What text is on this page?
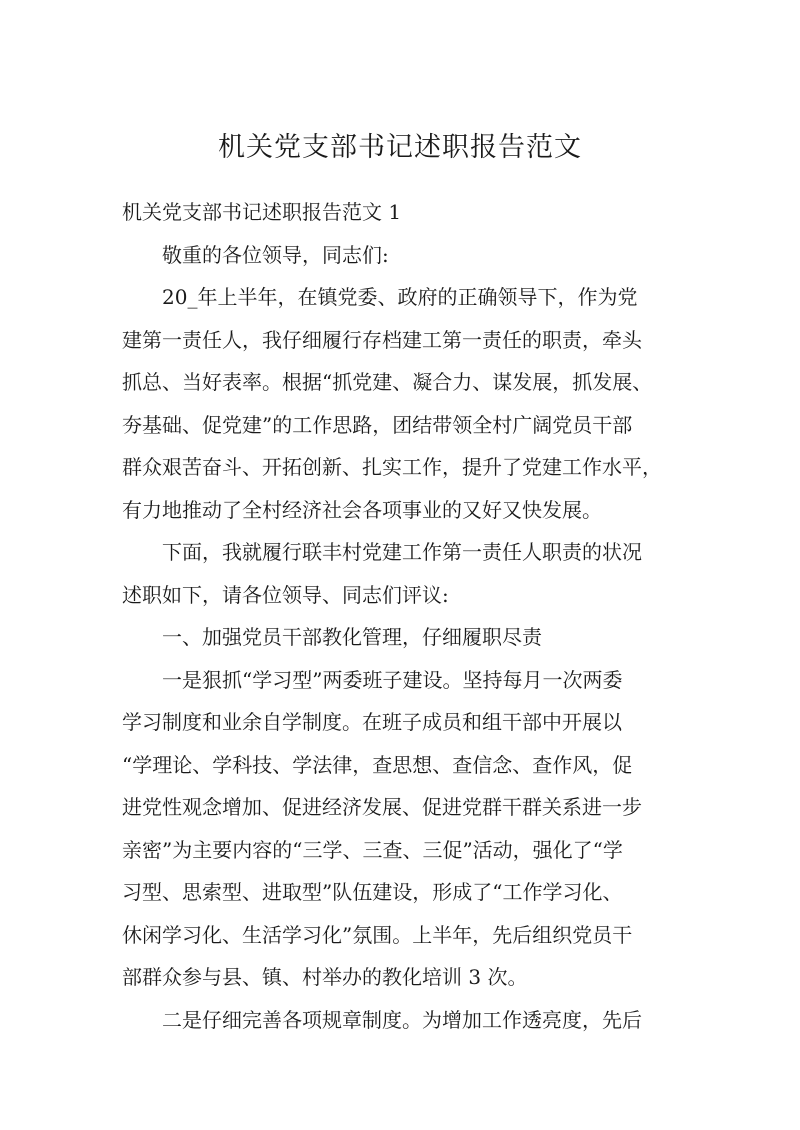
机关党支部书记述职报告范文

机关党支部书记述职报告范文 1

敬重的各位领导，同志们:

20_年上半年，在镇党委、政府的正确领导下，作为党
建第一责任人，我仔细履行存档建工第一责任的职责，牵头
抓总、当好表率。根据“抓党建、凝合力、谋发展，抓发展、
夯基础、促党建”的工作思路，团结带领全村广阔党员干部
群众艰苦奋斗、开拓创新、扎实工作，提升了党建工作水平，
有力地推动了全村经济社会各项事业的又好又快发展。

下面，我就履行联丰村党建工作第一责任人职责的状况
述职如下，请各位领导、同志们评议:

一、加强党员干部教化管理，仔细履职尽责

一是狠抓“学习型”两委班子建设。坚持每月一次两委
学习制度和业余自学制度。在班子成员和组干部中开展以
“学理论、学科技、学法律，查思想、查信念、查作风，促
进党性观念增加、促进经济发展、促进党群干群关系进一步
亲密”为主要内容的“三学、三查、三促”活动，强化了“学
习型、思索型、进取型”队伍建设，形成了“工作学习化、
休闲学习化、生活学习化”氛围。上半年，先后组织党员干
部群众参与县、镇、村举办的教化培训 3 次。

二是仔细完善各项规章制度。为增加工作透亮度，先后
